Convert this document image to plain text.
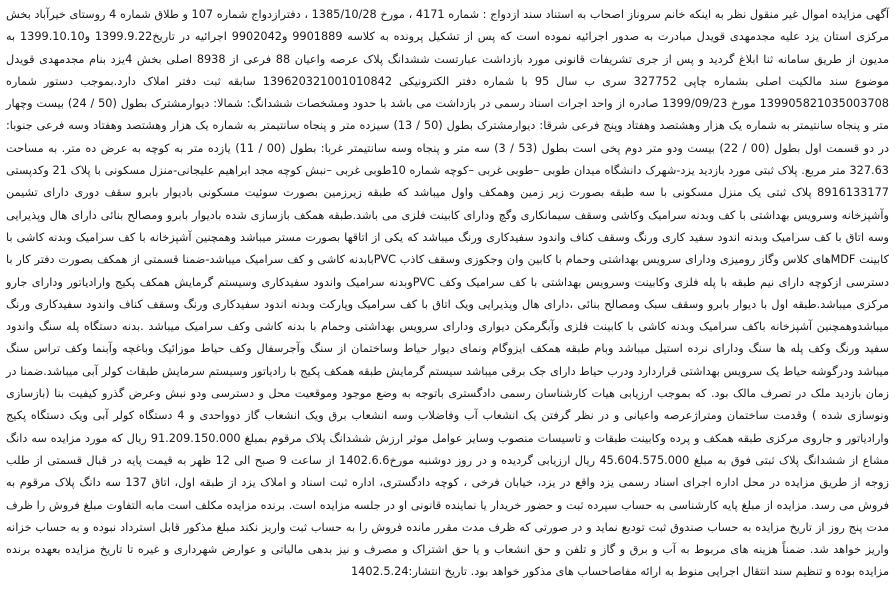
آگهی مزایده اموال غیر منقول نظر به اینکه خانم سروناز اصحاب به استناد سند ازدواج : شماره 4171 ، مورخ 1385/10/28 ، دفترازدواج شماره 107 و طلاق شماره 4 روستای خیرآباد بخش مرکزی استان یزد علیه مجدمهدی قویدل مبادرت به صدور اجرائیه نموده است که پس از تشکیل پرونده به کلاسه 9901889 و9902042 اجرائیه در تاریخ1399.9.22 و1399.10.10 به مدیون از طریق سامانه ثنا ابلاغ گردید و پس از جری تشریفات قانونی مورد بازداشت عبارتست ششدانگ پلاک عرصه واعیان 88 فرعی از 8938 اصلی بخش 4یزد بنام مجدمهدی قویدل موضوع سند مالکیت اصلی بشماره چاپی 327752 سری ب سال 95 با شماره دفتر الکترونیکی 139620321001010842 سابقه ثبت دفتر املاک دارد.بموجب دستور شماره 139905821035003708 مورخ 1399/09/23 صادره از واحد اجرات اسناد رسمی در بازداشت می باشد با حدود ومشخصات ششدانگ: شمالا: دیوارمشترک بطول (50 / 24) بیست وچهار متر و پنجاه سانتیمتر به شماره یک هزار وهشتصد وهفتاد وپنج فرعی شرقا: دیوارمشترک بطول (50 / 13) سیزده متر و پنجاه سانتیمتر به شماره یک هزار وهشتصد وهفتاد وسه فرعی جنوبا: در دو قسمت اول بطول (00 / 22) بیست ودو متر دوم پخی است بطول (53 / 3) سه متر و پنجاه وسه سانتیمتر غربا: بطول (00 / 11) یازده متر به کوچه به عرض ده متر. به مساحت 327.63 متر مربع. پلاک ثبتی مورد بازدید یزد-شهرک دانشگاه میدان طوبی –طوبی غربی –کوچه شماره 10طوبی غربی –نبش کوچه مجد ابراهیم علیجانی-منزل مسکونی با پلاک 21 وکدپستی 8916133177 پلاک ثبتی یک منزل مسکونی با سه طبقه بصورت زیر زمین وهمکف واول میباشد که طبقه زیرزمین بصورت سوئیت مسکونی بادیوار بابرو سقف دوری دارای تشیمن وآشپزخانه وسرویس بهداشتی با کف وبدنه سرامیک وکاشی وسقف سیمانکاری وگچ ودارای کابینت فلزی می باشد.طبقه همکف بازسازی شده بادیوار بابرو ومصالح بنائی دارای هال وپذیرایی وسه اتاق با کف سرامیک وبدنه اندود سفید کاری ورنگ وسقف کناف واندود سفیدکاری ورنگ میباشد که یکی از اتاقها بصورت مستر میباشد وهمچنین آشپزخانه با کف سرامیک وبدنه کاشی با کابینت MDFهای کلاس وگاز رومیزی ودارای سرویس بهداشتی وحمام با کابین وان وجکوزی وسقف کاذب PVCبابدنه کاشی و کف سرامیک میباشد-ضمنا قسمتی از همکف بصورت دفتر کار با دسترسی ازکوچه دارای نیم طبقه با پله فلزی وکابینت وسرویس بهداشتی با کف سرامیک وکف PVCوبدنه سرامیک واندود سفیدکاری وسیستم گرمایش همکف پکیج وارادیاتور ودارای جارو مرکزی میباشد.طبقه اول با دیوار بابرو وسقف سبک ومصالح بنائی ،دارای هال وپذیرایی ویک اتاق با کف سرامیک وپارکت وبدنه اندود سفیدکاری ورنگ وسقف کناف واندود سفیدکاری ورنگ میباشدوهمچنین آشپزخانه باکف سرامیک وبدنه کاشی با کابینت فلزی وآبگرمکن دیواری ودارای سرویس بهداشتی وحمام با بدنه کاشی وکف سرامیک میباشد .بدنه دستگاه پله سنگ واندود سفید ورنگ وکف پله ها سنگ ودارای نرده استیل میباشد وبام طبقه همکف ایزوگام ونمای دیوار حیاط وساختمان از سنگ وآجرسفال وکف حیاط موزائیک وباغچه وآبنما وکف تراس سنگ میباشد ودرگوشه حیاط یک سرویس بهداشتی قراردارد ودرب حیاط دارای جک برقی میباشد سیستم گرمایش طبقه همکف پکیج با رادیاتور وسیستم سرمایش طبقات کولر آبی میباشد.ضمنا در زمان بازدید ملک در تصرف مالک بود. که بموجب ارزیابی هیات کارشناسان رسمی دادگستری باتوجه به وضع موجود وموقعیت محل و دسترسی ودو نبش وعرض گذرو کیفیت بنا (بازسازی ونوسازی شده ) وقدمت ساختمان ومتراژعرصه واعیانی و در نظر گرفتن یک انشعاب آب وفاضلاب وسه انشعاب برق ویک انشعاب گاز دوواحدی و 4 دستگاه کولر آبی ویک دستگاه پکیج وارادیاتور و جاروی مرکزی طبقه همکف و پرده وکابینت طبقات و تاسیسات منصوب وسایر عوامل موثر ارزش ششدانگ پلاک مرقوم بمبلغ 91.209.150.000 ریال که مورد مزایده سه دانگ مشاع از ششدانگ پلاک ثبتی فوق به مبلغ 45.604.575.000 ریال ارزیابی گردیده و در روز دوشنبه مورخ1402.6.6 از ساعت 9 صبح الی 12 ظهر به قیمت پایه در قبال قسمتی از طلب زوجه از طریق مزایده در محل اداره اجرای اسناد رسمی یزد واقع در یزد، خیابان فرخی ، کوچه دادگستری، اداره ثبت اسناد و املاک یزد از طبقه اول، اتاق 137 سه دانگ پلاک مرقوم به فروش می رسد. مزایده از مبلغ پایه کارشناسی به حساب سپرده ثبت و حضور خریدار یا نماینده قانونی او در جلسه مزایده است. برنده مزایده مکلف است مابه التفاوت مبلغ فروش را ظرف مدت پنج روز از تاریخ مزایده به حساب صندوق ثبت تودیع نماید و در صورتی که ظرف مدت مقرر مانده فروش را به حساب ثبت واریز نکند مبلغ مذکور قابل استرداد نبوده و به حساب خزانه واریز خواهد شد. ضمناً هزینه های مربوط به آب و برق و گاز و تلفن و حق انشعاب و یا حق اشتراک و مصرف و نیز بدهی مالیاتی و عوارض شهرداری و غیره تا تاریخ مزایده بعهده برنده مزایده بوده و تنظیم سند انتقال اجرایی منوط به ارائه مفاصاحساب های مذکور خواهد بود. تاریخ انتشار:1402.5.24
